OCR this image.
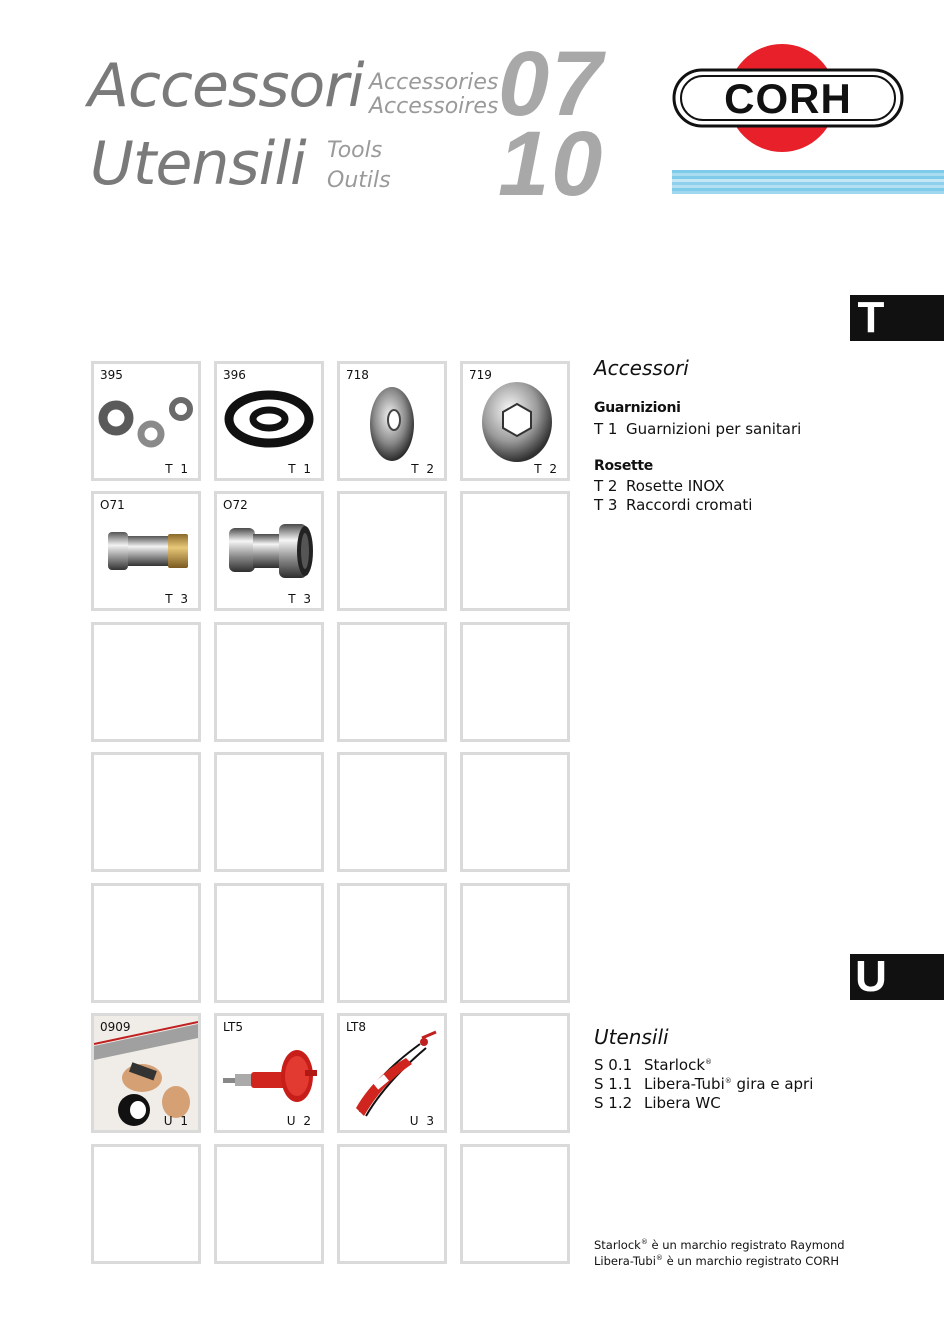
Accessori Accessories
Accessoires
Utensili Tools
Outils
07
10
CORH
T
U
395
T 1
396
T 1
718
T 2
719
T 2
O71
T 3
O72
T 3
0909
U 1
LT5
U 2
LT8
U 3
Accessori
Guarnizioni
T 1 Guarnizioni per sanitari
Rosette
T 2 Rosette INOX
T 3 Raccordi cromati
Utensili
S 0.1 Starlock®
S 1.1 Libera-Tubi® gira e apri
S 1.2 Libera WC
Starlock® è un marchio registrato Raymond
Libera-Tubi® è un marchio registrato CORH
